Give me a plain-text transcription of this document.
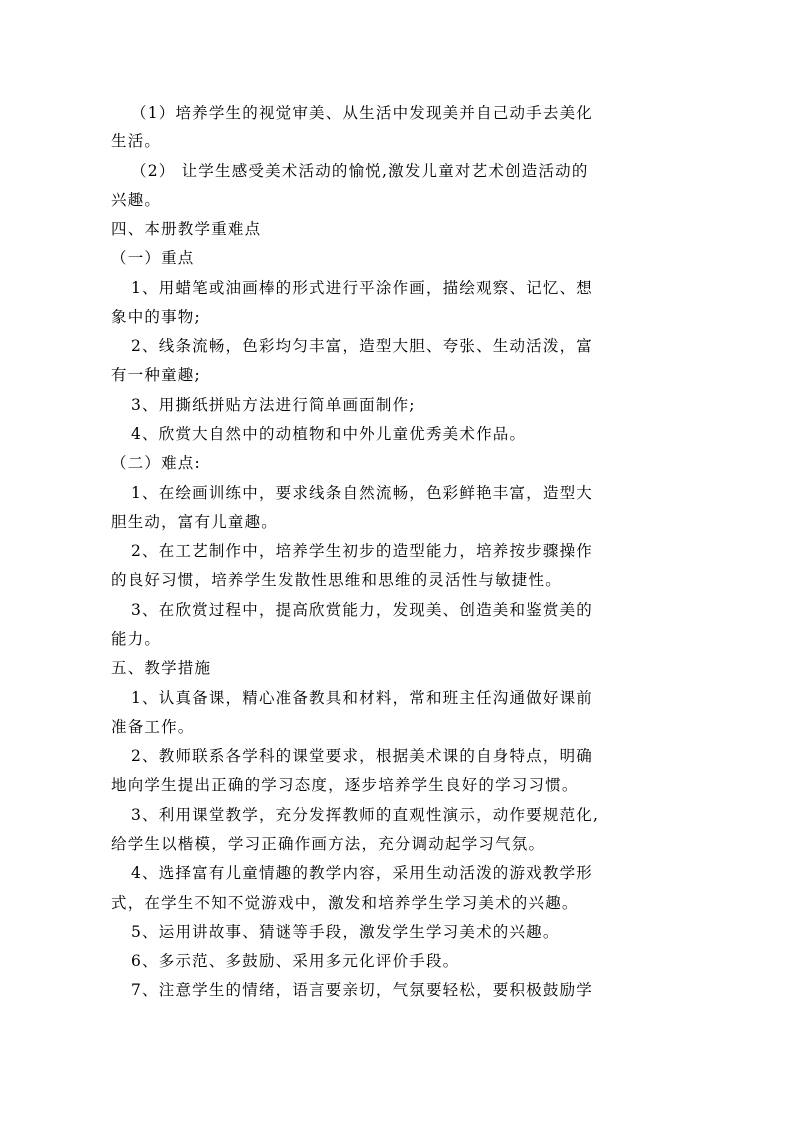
（1）培养学生的视觉审美、从生活中发现美并自己动手去美化
生活。
（2） 让学生感受美术活动的愉悦,激发儿童对艺术创造活动的
兴趣。
四、本册教学重难点
（一）重点
1、用蜡笔或油画棒的形式进行平涂作画，描绘观察、记忆、想
象中的事物;
2、线条流畅，色彩均匀丰富，造型大胆、夸张、生动活泼，富
有一种童趣;
3、用撕纸拼贴方法进行简单画面制作;
4、欣赏大自然中的动植物和中外儿童优秀美术作品。
（二）难点:
1、在绘画训练中，要求线条自然流畅，色彩鲜艳丰富，造型大
胆生动，富有儿童趣。
2、在工艺制作中，培养学生初步的造型能力，培养按步骤操作
的良好习惯，培养学生发散性思维和思维的灵活性与敏捷性。
3、在欣赏过程中，提高欣赏能力，发现美、创造美和鉴赏美的
能力。
五、教学措施
1、认真备课，精心准备教具和材料，常和班主任沟通做好课前
准备工作。
2、教师联系各学科的课堂要求，根据美术课的自身特点，明确
地向学生提出正确的学习态度，逐步培养学生良好的学习习惯。
3、利用课堂教学，充分发挥教师的直观性演示，动作要规范化,
给学生以楷模，学习正确作画方法，充分调动起学习气氛。
4、选择富有儿童情趣的教学内容，采用生动活泼的游戏教学形
式，在学生不知不觉游戏中，激发和培养学生学习美术的兴趣。
5、运用讲故事、猜谜等手段，激发学生学习美术的兴趣。
6、多示范、多鼓励、采用多元化评价手段。
7、注意学生的情绪，语言要亲切，气氛要轻松，要积极鼓励学
